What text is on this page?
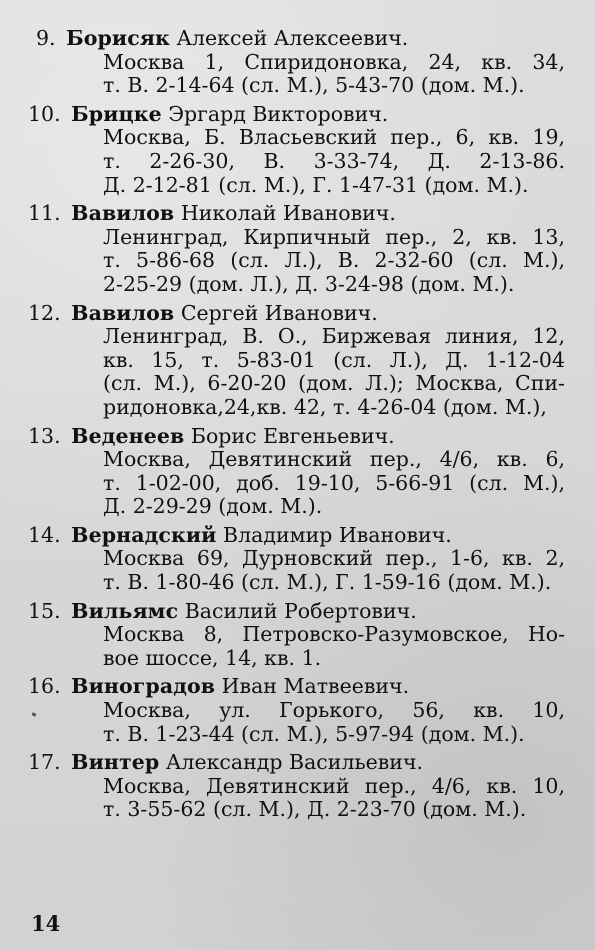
9. Борисяк Алексей Алексеевич.
Москва 1, Спиридоновка, 24, кв. 34,
т. В. 2-14-64 (сл. М.), 5-43-70 (дом. М.).
10. Брицке Эргард Викторович.
Москва, Б. Власьевский пер., 6, кв. 19,
т. 2-26-30, В. 3-33-74, Д. 2-13-86.
Д. 2-12-81 (сл. М.), Г. 1-47-31 (дом. М.).
11. Вавилов Николай Иванович.
Ленинград, Кирпичный пер., 2, кв. 13,
т. 5-86-68 (сл. Л.), В. 2-32-60 (сл. М.),
2-25-29 (дом. Л.), Д. 3-24-98 (дом. М.).
12. Вавилов Сергей Иванович.
Ленинград, В. О., Биржевая линия, 12,
кв. 15, т. 5-83-01 (сл. Л.), Д. 1-12-04
(сл. М.), 6-20-20 (дом. Л.); Москва, Спи-
ридоновка,24,кв. 42, т. 4-26-04 (дом. М.),
13. Веденеев Борис Евгеньевич.
Москва, Девятинский пер., 4/6, кв. 6,
т. 1-02-00, доб. 19-10, 5-66-91 (сл. М.),
Д. 2-29-29 (дом. М.).
14. Вернадский Владимир Иванович.
Москва 69, Дурновский пер., 1-6, кв. 2,
т. В. 1-80-46 (сл. М.), Г. 1-59-16 (дом. М.).
15. Вильямс Василий Робертович.
Москва 8, Петровско-Разумовское, Но-
вое шоссе, 14, кв. 1.
16. Виноградов Иван Матвеевич.
Москва, ул. Горького, 56, кв. 10,
т. В. 1-23-44 (сл. М.), 5-97-94 (дом. М.).
17. Винтер Александр Васильевич.
Москва, Девятинский пер., 4/6, кв. 10,
т. 3-55-62 (сл. М.), Д. 2-23-70 (дом. М.).
14
